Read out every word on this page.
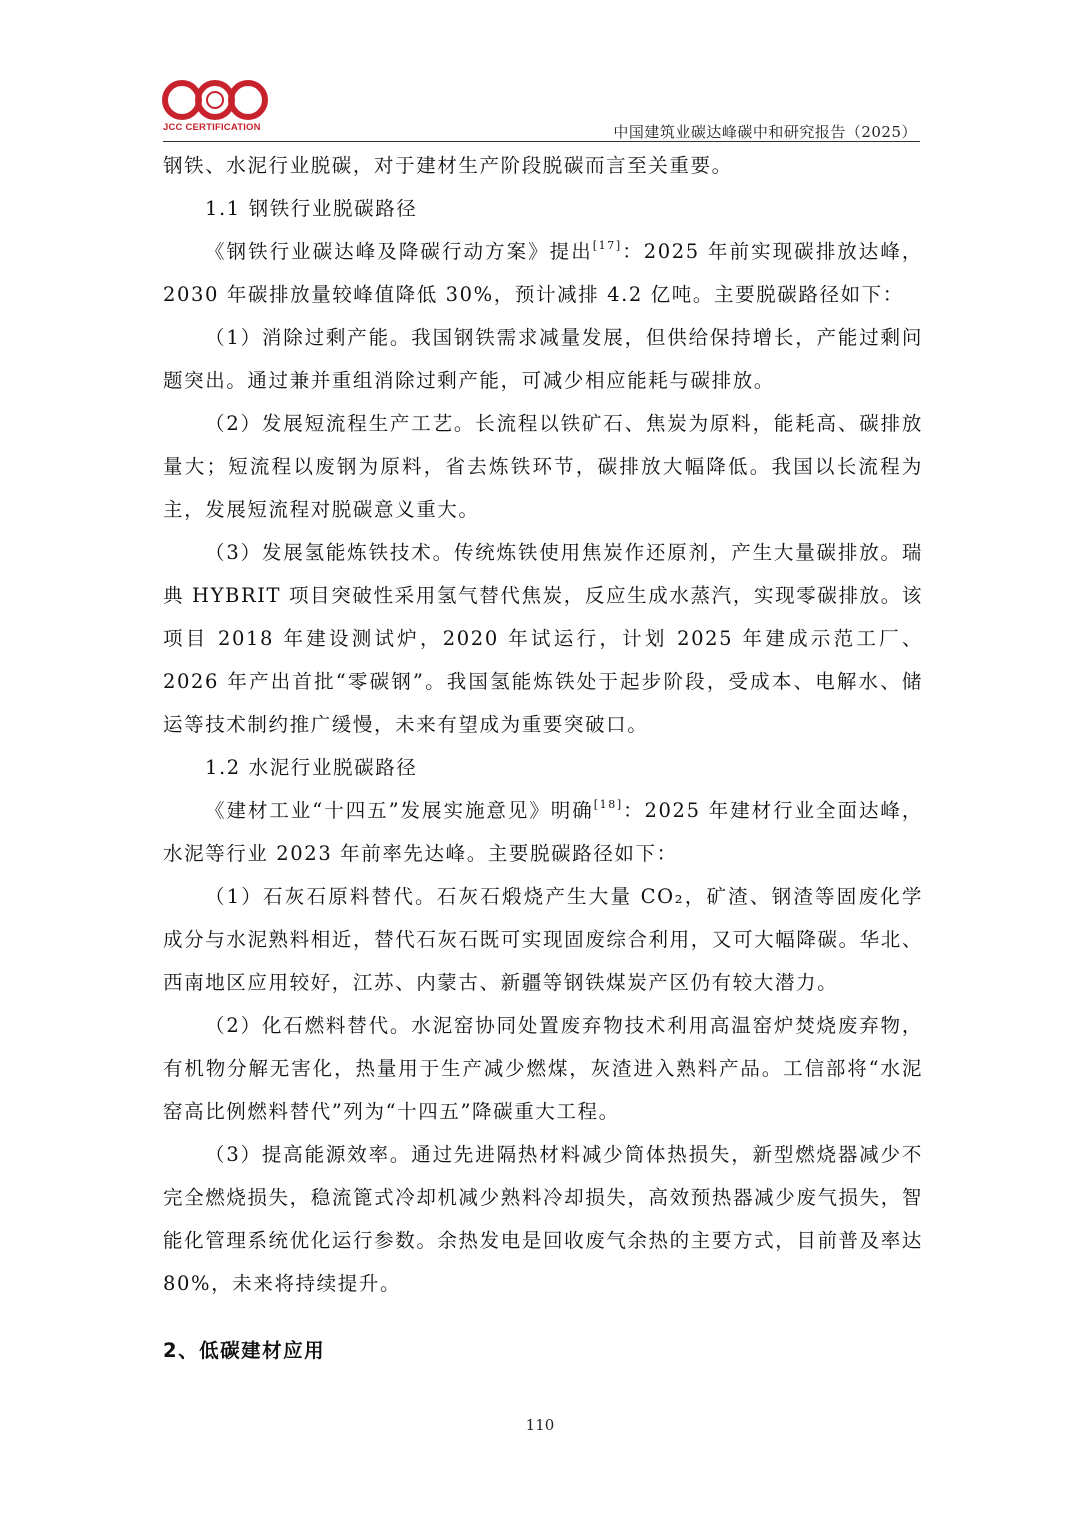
JCC CERTIFICATION	中国建筑业碳达峰碳中和研究报告（2025）

钢铁、水泥行业脱碳，对于建材生产阶段脱碳而言至关重要。

1.1 钢铁行业脱碳路径

《钢铁行业碳达峰及降碳行动方案》提出[17]：2025 年前实现碳排放达峰，2030 年碳排放量较峰值降低 30%，预计减排 4.2 亿吨。主要脱碳路径如下：

（1）消除过剩产能。我国钢铁需求减量发展，但供给保持增长，产能过剩问题突出。通过兼并重组消除过剩产能，可减少相应能耗与碳排放。

（2）发展短流程生产工艺。长流程以铁矿石、焦炭为原料，能耗高、碳排放量大；短流程以废钢为原料，省去炼铁环节，碳排放大幅降低。我国以长流程为主，发展短流程对脱碳意义重大。

（3）发展氢能炼铁技术。传统炼铁使用焦炭作还原剂，产生大量碳排放。瑞典 HYBRIT 项目突破性采用氢气替代焦炭，反应生成水蒸汽，实现零碳排放。该项目 2018 年建设测试炉，2020 年试运行，计划 2025 年建成示范工厂、2026 年产出首批“零碳钢”。我国氢能炼铁处于起步阶段，受成本、电解水、储运等技术制约推广缓慢，未来有望成为重要突破口。

1.2 水泥行业脱碳路径

《建材工业“十四五”发展实施意见》明确[18]：2025 年建材行业全面达峰，水泥等行业 2023 年前率先达峰。主要脱碳路径如下：

（1）石灰石原料替代。石灰石煅烧产生大量 CO₂，矿渣、钢渣等固废化学成分与水泥熟料相近，替代石灰石既可实现固废综合利用，又可大幅降碳。华北、西南地区应用较好，江苏、内蒙古、新疆等钢铁煤炭产区仍有较大潜力。

（2）化石燃料替代。水泥窑协同处置废弃物技术利用高温窑炉焚烧废弃物，有机物分解无害化，热量用于生产减少燃煤，灰渣进入熟料产品。工信部将“水泥窑高比例燃料替代”列为“十四五”降碳重大工程。

（3）提高能源效率。通过先进隔热材料减少筒体热损失，新型燃烧器减少不完全燃烧损失，稳流篦式冷却机减少熟料冷却损失，高效预热器减少废气损失，智能化管理系统优化运行参数。余热发电是回收废气余热的主要方式，目前普及率达 80%，未来将持续提升。

2、低碳建材应用
110
